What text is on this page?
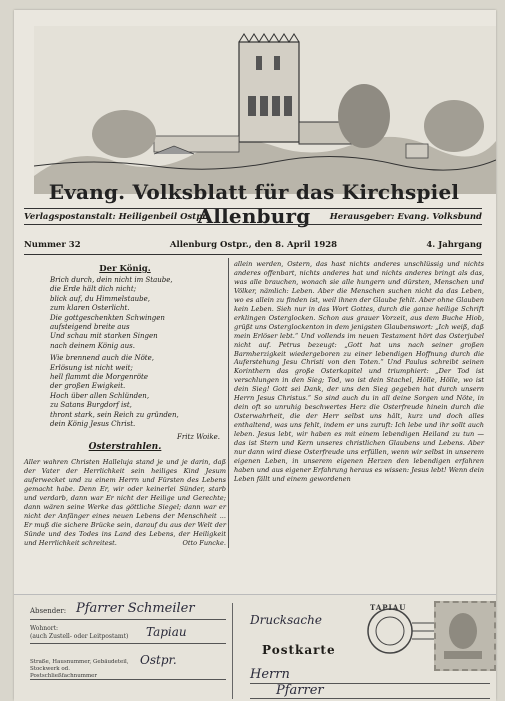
Evang. Volksblatt für das Kirchspiel Allenburg
Verlagspostanstalt: Heiligenbeil Ostpr.	Herausgeber: Evang. Volksbund
Nummer 32	Allenburg Ostpr., den 8. April 1928	4. Jahrgang
Der König.
Brich durch, dein nicht im Staube,
die Erde hält dich nicht;
blick auf, du Himmelstaube,
zum klaren Osterlicht.
Die gottgeschenkten Schwingen
aufsteigend breite aus
Und schau mit starken Singen
nach deinem König aus.
Wie brennend auch die Nöte,
Erlösung ist nicht weit;
hell flammt die Morgenröte
der großen Ewigkeit.
Hoch über allen Schlünden,
zu Satans Burgdorf ist,
thront stark, sein Reich zu gründen,
dein König Jesus Christ.
Fritz Woike.
allein werden, Ostern, das hast nichts anderes unschlüssig und nichts anderes offenbart, nichts anderes hat und nichts anderes bringt als das, was alle brauchen, wonach sie alle hungern und dürsten, Menschen und Völker, nämlich: Leben. Aber die Menschen suchen nicht da das Leben, wo es allein zu finden ist, weil ihnen der Glaube fehlt. Aber ohne Glauben kein Leben. Sieh nur in das Wort Gottes, durch die ganze heilige Schrift erklingen Osterglocken. Schon aus grauer Vorzeit, aus dem Buche Hiob, grüßt uns Osterglockenton in dem jenigsten Glaubenswort: „Ich weiß, daß mein Erlöser lebt.“ Und vollends im neuen Testament hört das Osterjubel nicht auf. Petrus bezeugt: „Gott hat uns nach seiner großen Barmherzigkeit wiedergeboren zu einer lebendigen Hoffnung durch die Auferstehung Jesu Christi von den Toten.“ Und Paulus schreibt seinen Korinthern das große Osterkapitel und triumphiert: „Der Tod ist verschlungen in den Sieg; Tod, wo ist dein Stachel, Hölle, Hölle, wo ist dein Sieg! Gott sei Dank, der uns den Sieg gegeben hat durch unsern Herrn Jesus Christus.“ So sind auch du in all deine Sorgen und Nöte, in dein oft so unruhig beschwertes Herz die Osterfreude hinein durch die Osterwahrheit, die der Herr selbst uns hält, kurz und doch alles enthaltend, was uns fehlt, indem er uns zuruft: Ich lebe und ihr sollt auch leben. Jesus lebt, wir haben es mit einem lebendigen Heiland zu tun — das ist Stern und Kern unseres christlichen Glaubens und Lebens. Aber nur dann wird diese Osterfreude uns erfüllen, wenn wir selbst in unserem eigenen Leben, in unserem eigenen Herzen den lebendigen erfahren haben und aus eigener Erfahrung heraus es wissen: Jesus lebt! Wenn dein Leben fällt und einem gewordenen
Osterstrahlen.
Aller wahren Christen Halleluja stand je und je darin, daß der Vater der Herrlichkeit sein heiliges Kind Jesum auferwecket und zu einem Herrn und Fürsten des Lebens gemacht habe. Denn Er, wir oder keinerlei Sünder, starb und verdarb, dann war Er nicht der Heilige und Gerechte; dann wären seine Werke das göttliche Siegel; dann war er nicht der Anfänger eines neuen Lebens der Menschheit ... Er muß die sichere Brücke sein, darauf du aus der Welt der Sünde und des Todes ins Land des Lebens, der Heiligkeit und Herrlichkeit schreitest.	Otto Funcke.
Absender: Pfarrer Schmeiler
Wohnort:
(auch Zustell- oder Leitpostamt) Tapiau
Straße, Hausnummer, Gebäudeteil, Stockwerk od. Postschließfachnummer
Ostpr.
Drucksache
Postkarte
TAPIAU
Herrn
Pfarrer
